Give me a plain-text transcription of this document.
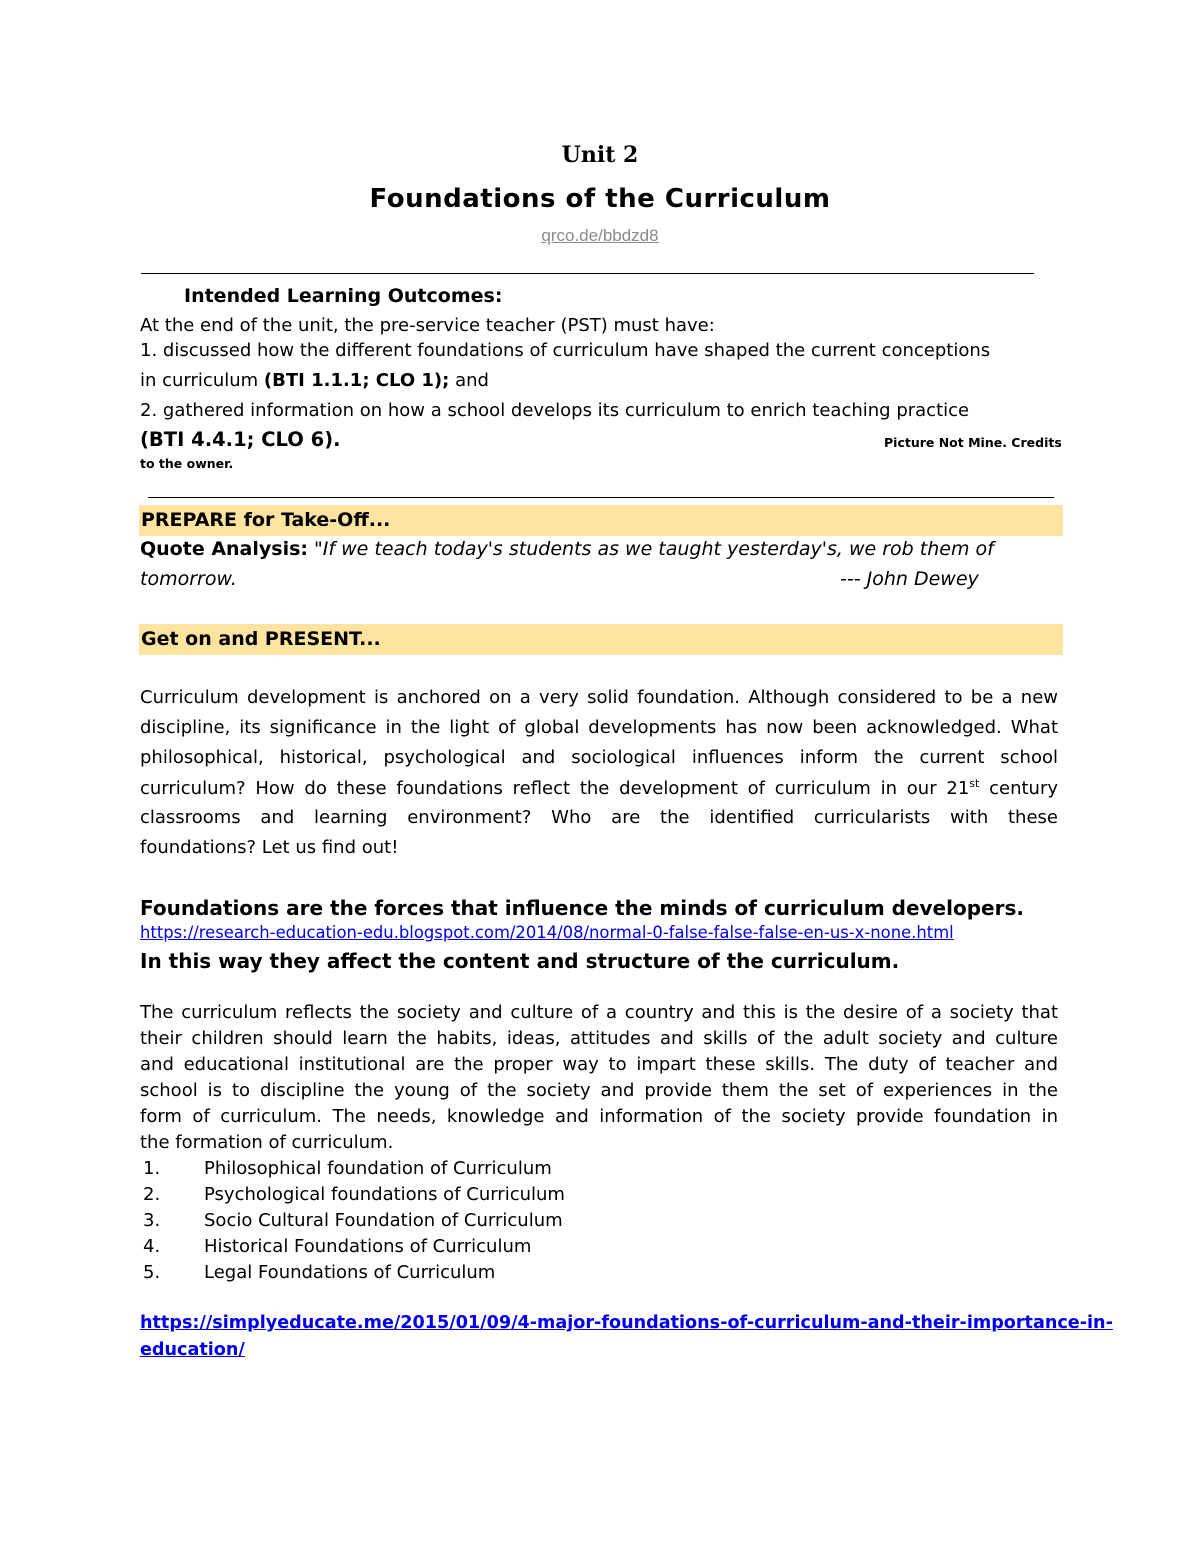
Unit 2
Foundations of the Curriculum
qrco.de/bbdzd8
Intended Learning Outcomes:
At the end of the unit, the pre-service teacher (PST) must have:
1. discussed how the different foundations of curriculum have shaped the current conceptions
in curriculum (BTI 1.1.1; CLO 1); and
2. gathered information on how a school develops its curriculum to enrich teaching practice
(BTI 4.4.1; CLO 6).	Picture Not Mine. Credits
to the owner.
PREPARE for Take-Off...
Quote Analysis: "If we teach today's students as we taught yesterday's, we rob them of
tomorrow.	--- John Dewey
Get on and PRESENT...
Curriculum development is anchored on a very solid foundation. Although considered to be a new
discipline, its significance in the light of global developments has now been acknowledged. What
philosophical, historical, psychological and sociological influences inform the current school
curriculum? How do these foundations reflect the development of curriculum in our 21st century
classrooms and learning environment? Who are the identified curricularists with these
foundations? Let us find out!
Foundations are the forces that influence the minds of curriculum developers.
https://research-education-edu.blogspot.com/2014/08/normal-0-false-false-false-en-us-x-none.html
In this way they affect the content and structure of the curriculum.
The curriculum reflects the society and culture of a country and this is the desire of a society that
their children should learn the habits, ideas, attitudes and skills of the adult society and culture
and educational institutional are the proper way to impart these skills. The duty of teacher and
school is to discipline the young of the society and provide them the set of experiences in the
form of curriculum. The needs, knowledge and information of the society provide foundation in
the formation of curriculum.
1. Philosophical foundation of Curriculum
2. Psychological foundations of Curriculum
3. Socio Cultural Foundation of Curriculum
4. Historical Foundations of Curriculum
5. Legal Foundations of Curriculum
https://simplyeducate.me/2015/01/09/4-major-foundations-of-curriculum-and-their-importance-in-
education/
